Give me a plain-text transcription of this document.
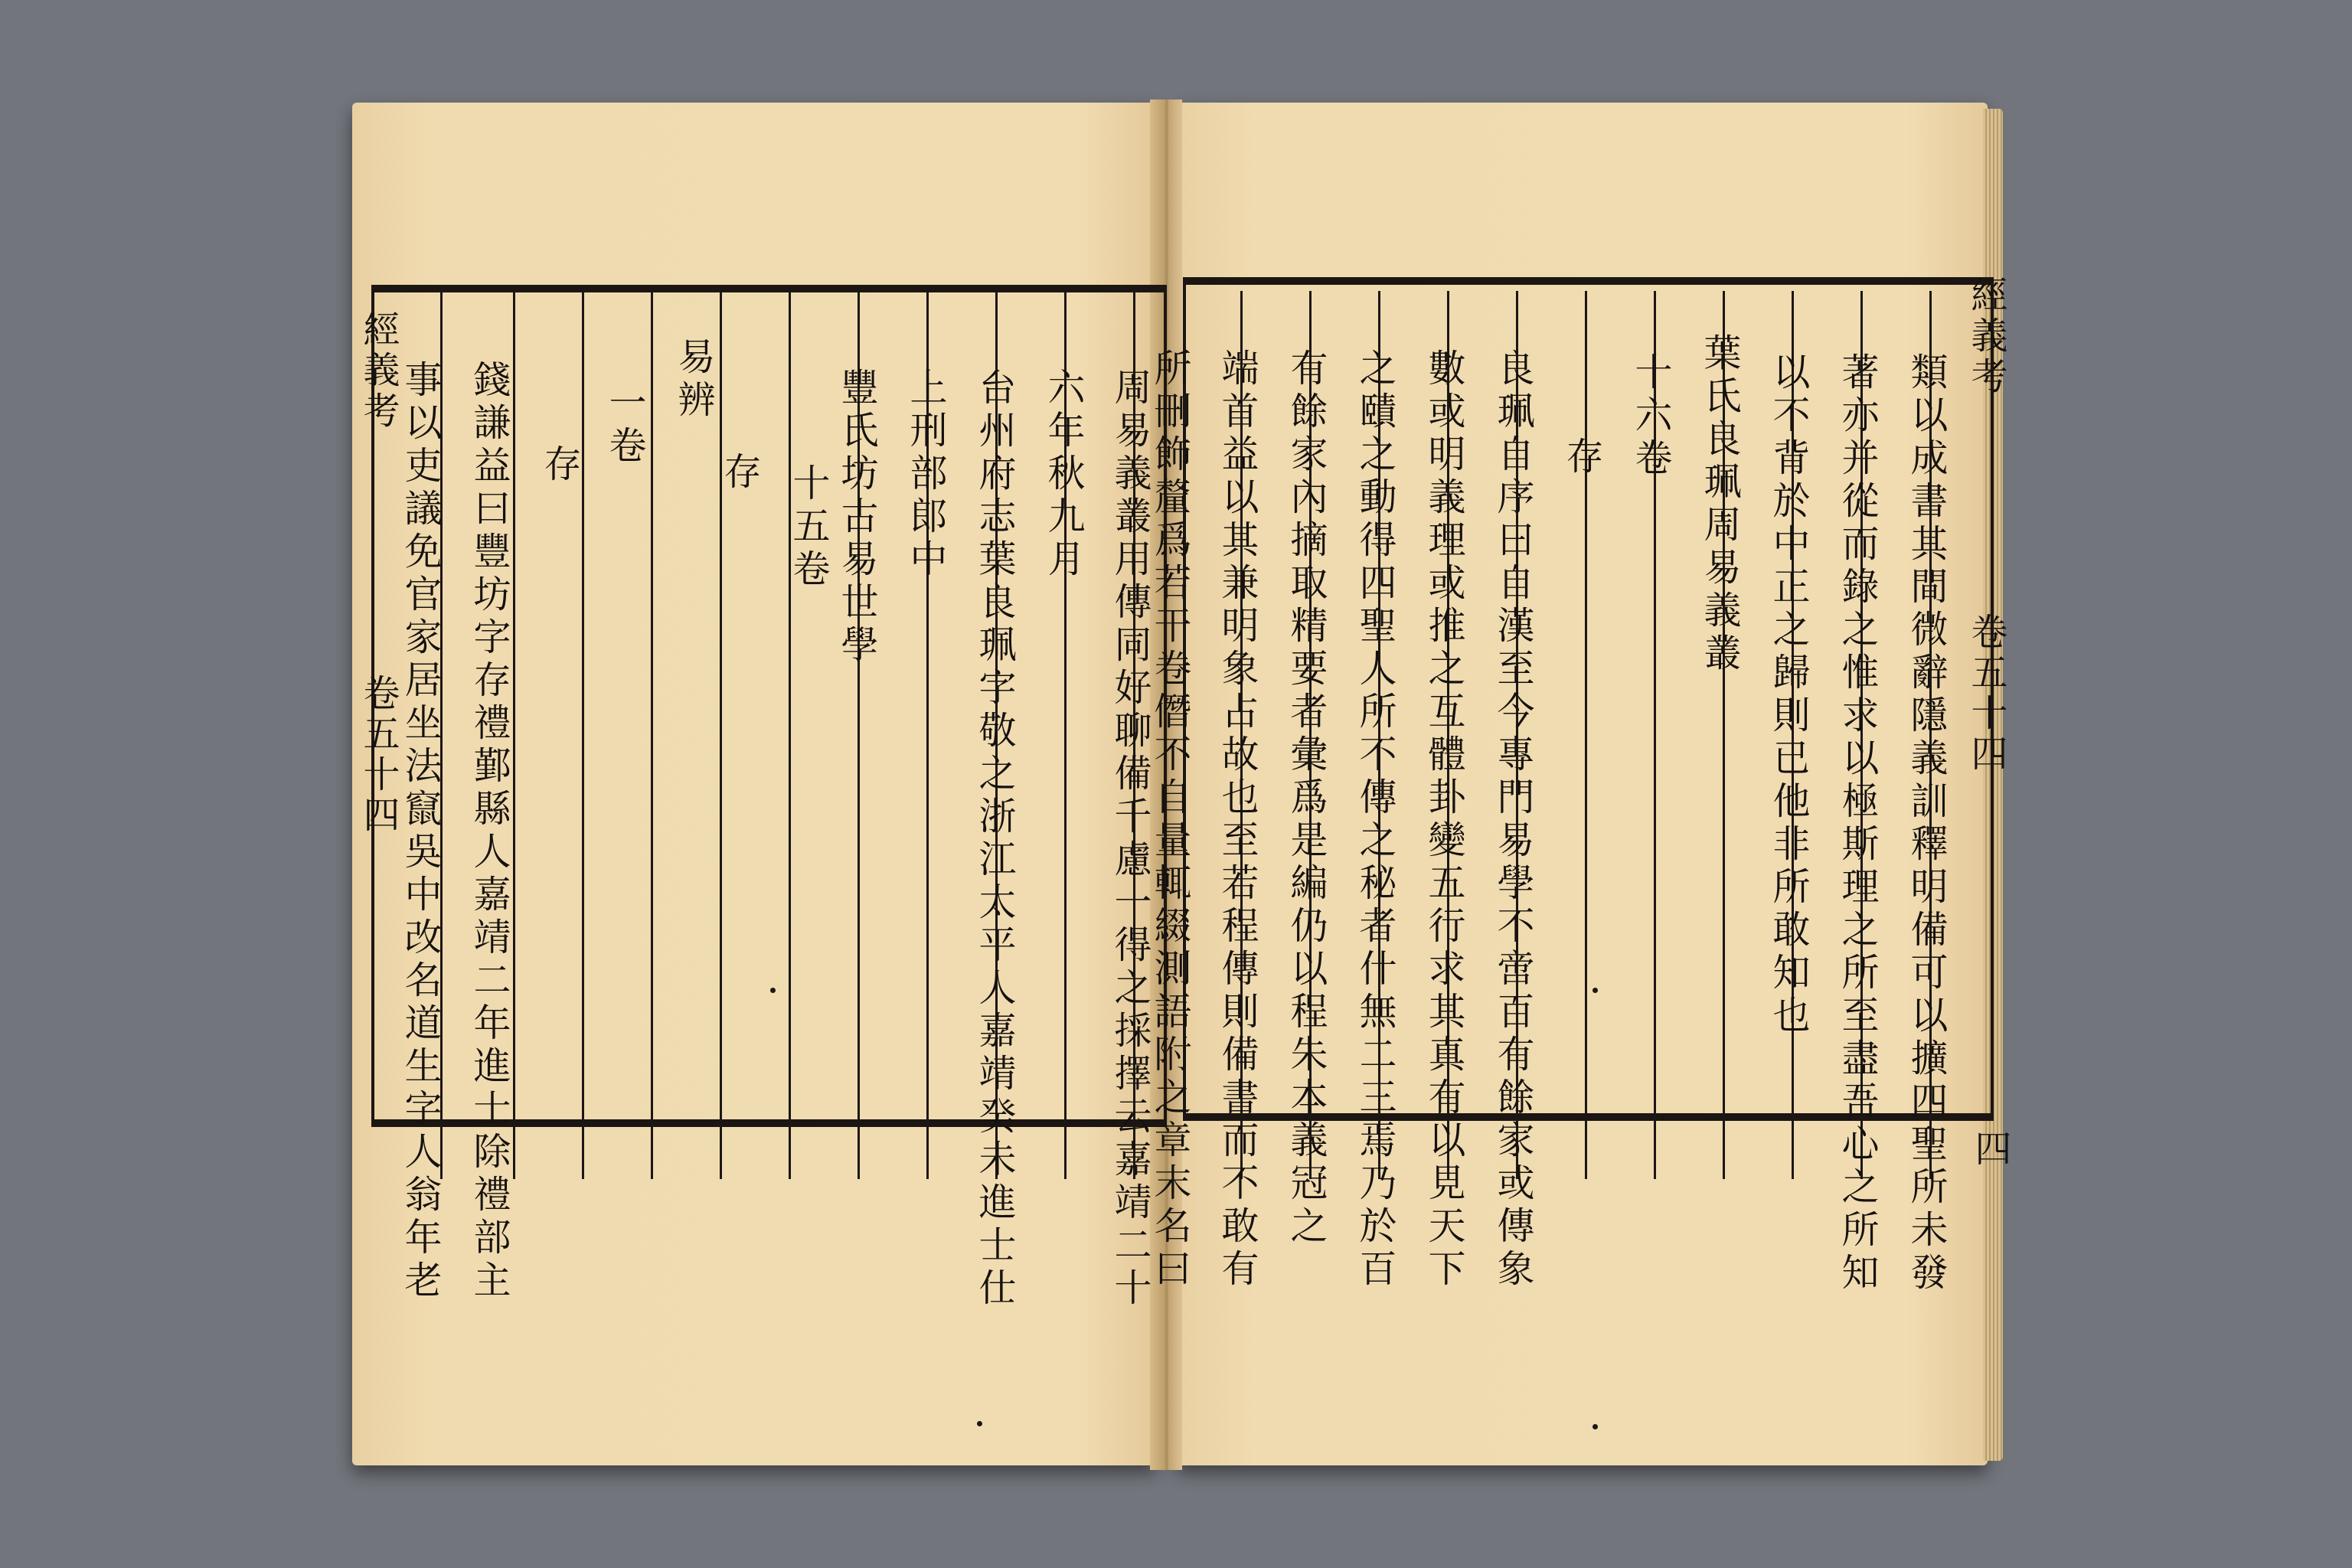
經義考
卷五十四	周易義叢用傳同好聊備千慮一得之採擇云嘉靖二十
六年秋九月
台州府志葉良珮字敬之浙江太平人嘉靖癸未進士仕
上刑部郎中
豐氏坊古易世學
十五卷
存
易辨
一卷
存
錢謙益曰豐坊字存禮鄞縣人嘉靖二年進士除禮部主
事以吏議免官家居坐法竄吳中改名道生字人翁年老
經義考
卷五十四
四
類以成書其間微辭隱義訓釋明備可以擴四聖所未發
著亦并從而錄之惟求以極斯理之所至盡吾心之所知
以不背於中正之歸則已他非所敢知也
葉氏良珮周易義叢
十六卷
存
良珮自序曰自漢至今專門易學不啻百有餘家或傳象
數或明義理或推之互體卦變五行求其真有以見天下
之賾之動得四聖人所不傳之秘者什無二三焉乃於百
有餘家內摘取精要者彙爲是編仍以程朱本義冠之
端首益以其兼明象占故也至若程傳則備書而不敢有
所刪飾釐爲若干卷僭不自量輒綴測語附之章末名曰
